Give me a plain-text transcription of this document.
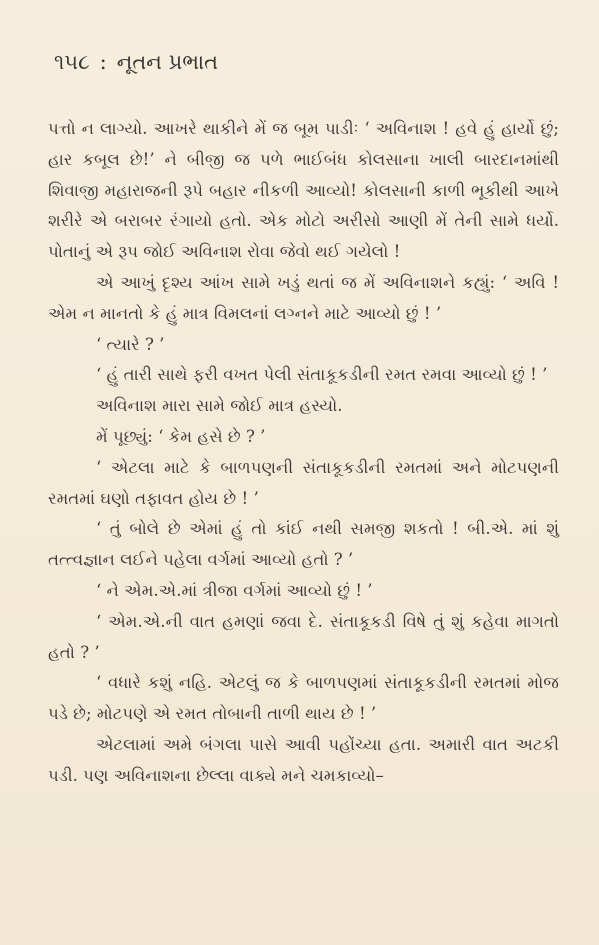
૧૫૮ : નૂતન પ્રભાત

પત્તો ન લાગ્યો. આખરે થાકીને મેં જ બૂમ પાડીઃ ‘ અવિનાશ ! હવે હું હાર્યો છું; હાર કબૂલ છે!’ ને બીજી જ પળે ભાઈબંધ કોલસાના ખાલી બારદાનમાંથી શિવાજી મહારાજની રૂપે બહાર નીકળી આવ્યો! કોલસાની કાળી ભૂકીથી આખે શરીરે એ બરાબર રંગાયો હતો. એક મોટો અરીસો આણી મેં તેની સામે ધર્યો. પોતાનું એ રૂપ જોઈ અવિનાશ રોવા જેવો થઈ ગયેલો !

એ આખું દૃશ્ય આંખ સામે ખડું થતાં જ મેં અવિનાશને કહ્યું: ‘ અવિ ! એમ ન માનતો કે હું માત્ર વિમલનાં લગ્નને માટે આવ્યો છું ! ’

‘ ત્યારે ? ’

‘ હું તારી સાથે ફરી વખત પેલી સંતાકૂકડીની રમત રમવા આવ્યો છું ! ’

અવિનાશ મારા સામે જોઈ માત્ર હસ્યો.

મેં પૂછ્યું: ‘ કેમ હસે છે ? ’

‘ એટલા માટે કે બાળપણની સંતાકૂકડીની રમતમાં અને મોટપણની રમતમાં ઘણો તફાવત હોય છે ! ’

‘ તું બોલે છે એમાં હું તો કાંઈ નથી સમજી શકતો ! બી.એ. માં શું તત્ત્વજ્ઞાન લઈને પહેલા વર્ગમાં આવ્યો હતો ? ’

‘ ને એમ.એ.માં ત્રીજા વર્ગમાં આવ્યો છું ! ’

‘ એમ.એ.ની વાત હમણાં જવા દે. સંતાકૂકડી વિષે તું શું કહેવા માગતો હતો ? ’

‘ વધારે કશું નહિ. એટલું જ કે બાળપણમાં સંતાકૂકડીની રમતમાં મોજ પડે છે; મોટપણે એ રમત તોબાની તાળી થાય છે ! ’

એટલામાં અમે બંગલા પાસે આવી પહોંચ્યા હતા. અમારી વાત અટકી પડી. પણ અવિનાશના છેલ્લા વાક્યે મને ચમકાવ્યો–
